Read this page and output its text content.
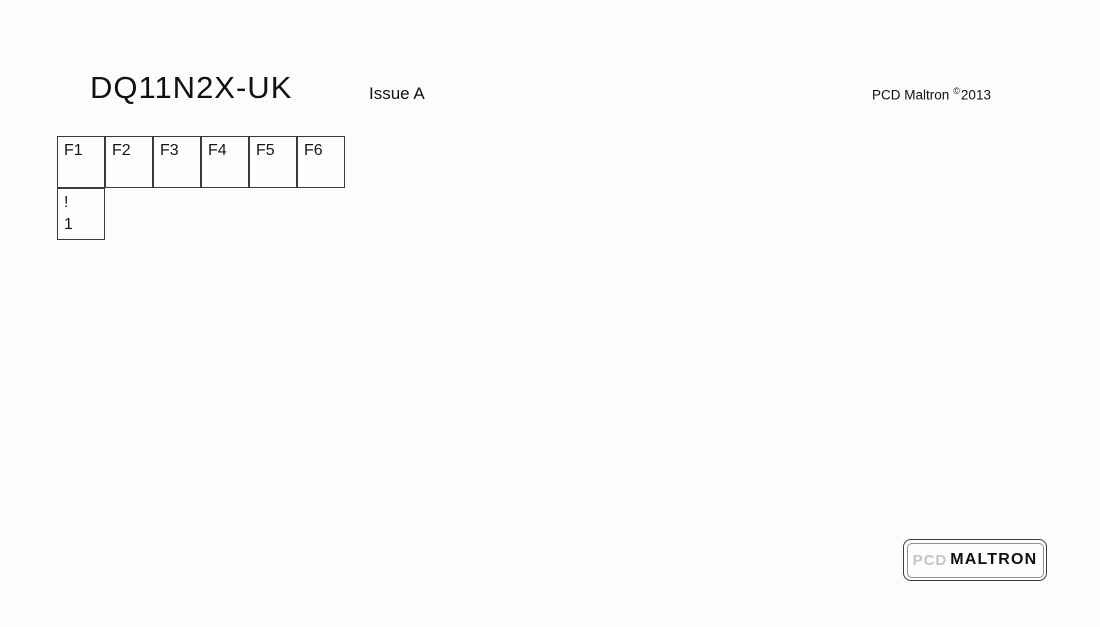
DQ11N2X-UK	Issue A	PCD Maltron ©2013
F1	F2	F3	F4	F5	F6
!
1
PCD MALTRON
